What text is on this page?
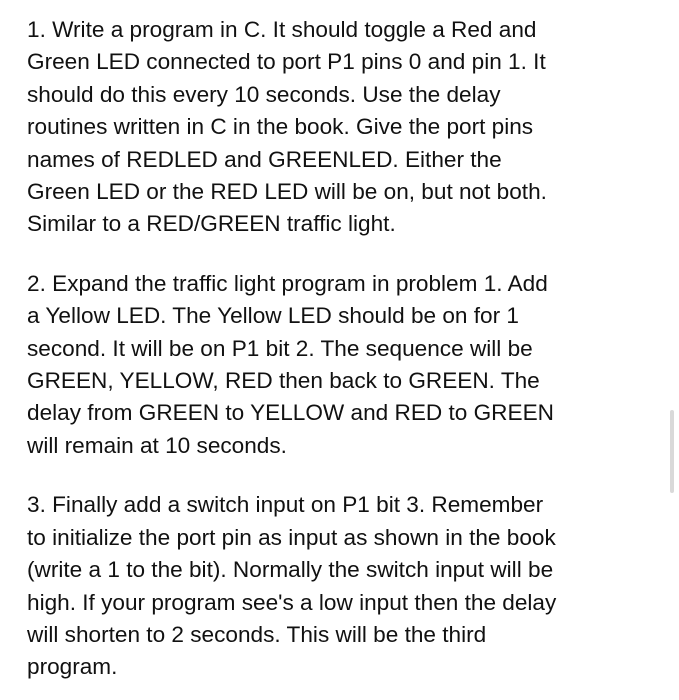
1. Write a program in C. It should toggle a Red and
Green LED connected to port P1 pins 0 and pin 1. It
should do this every 10 seconds. Use the delay
routines written in C in the book. Give the port pins
names of REDLED and GREENLED. Either the
Green LED or the RED LED will be on, but not both.
Similar to a RED/GREEN traffic light.

2. Expand the traffic light program in problem 1. Add
a Yellow LED. The Yellow LED should be on for 1
second. It will be on P1 bit 2. The sequence will be
GREEN, YELLOW, RED then back to GREEN. The
delay from GREEN to YELLOW and RED to GREEN
will remain at 10 seconds.

3. Finally add a switch input on P1 bit 3. Remember
to initialize the port pin as input as shown in the book
(write a 1 to the bit). Normally the switch input will be
high. If your program see's a low input then the delay
will shorten to 2 seconds. This will be the third
program.
